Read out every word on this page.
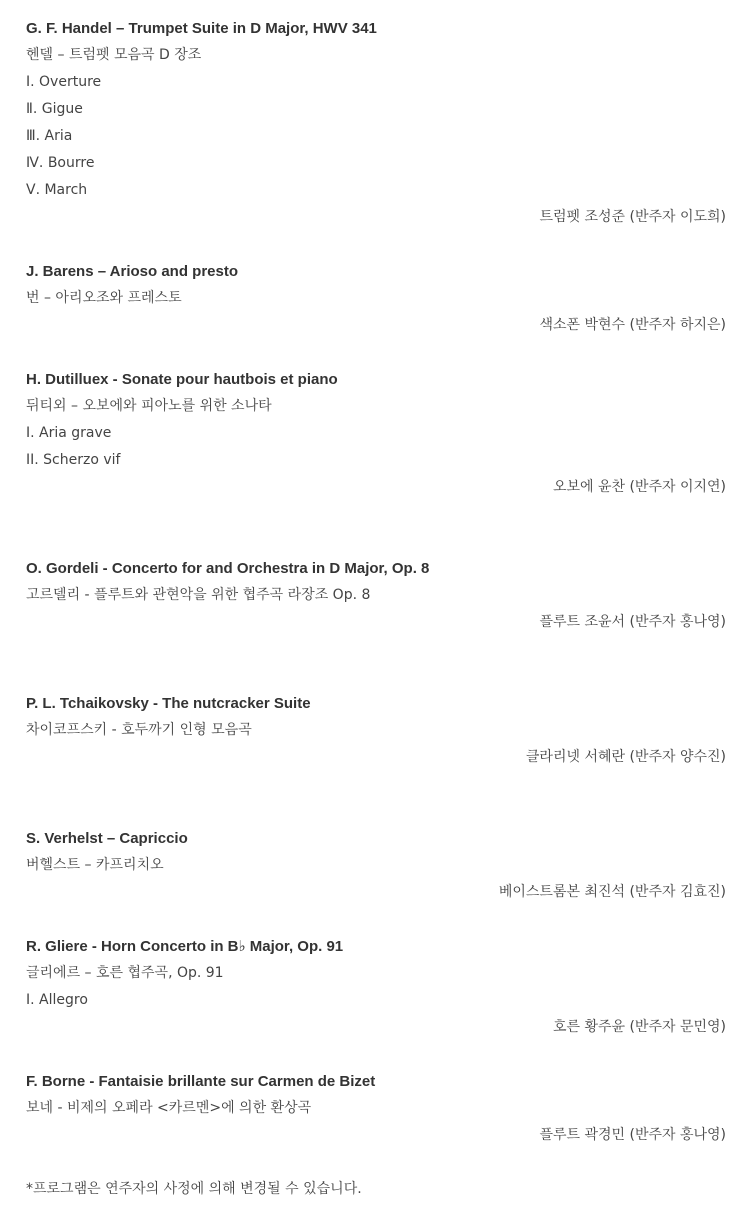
G. F. Handel – Trumpet Suite in D Major, HWV 341
헨델 – 트럼펫 모음곡 D 장조
Ⅰ. Overture
Ⅱ. Gigue
Ⅲ. Aria
Ⅳ. Bourre
Ⅴ. March
트럼펫 조성준 (반주자 이도희)
J. Barens – Arioso and presto
번 – 아리오조와 프레스토
색소폰 박현수 (반주자 하지은)
H. Dutilluex - Sonate pour hautbois et piano
뒤티외 – 오보에와 피아노를 위한 소나타
I. Aria grave
II. Scherzo vif
오보에 윤찬 (반주자 이지연)
O. Gordeli - Concerto for and Orchestra in D Major, Op. 8
고르델리 - 플루트와 관현악을 위한 협주곡 라장조 Op. 8
플루트 조윤서 (반주자 홍나영)
P. L. Tchaikovsky - The nutcracker Suite
차이코프스키 - 호두까기 인형 모음곡
클라리넷 서혜란 (반주자 양수진)
S. Verhelst – Capriccio
버헬스트 – 카프리치오
베이스트롬본 최진석 (반주자 김효진)
R. Gliere - Horn Concerto in B♭ Major, Op. 91
글리에르 – 호른 협주곡, Op. 91
I. Allegro
호른 황주윤 (반주자 문민영)
F. Borne - Fantaisie brillante sur Carmen de Bizet
보네 - 비제의 오페라 <카르멘>에 의한 환상곡
플루트 곽경민 (반주자 홍나영)
*프로그램은 연주자의 사정에 의해 변경될 수 있습니다.
